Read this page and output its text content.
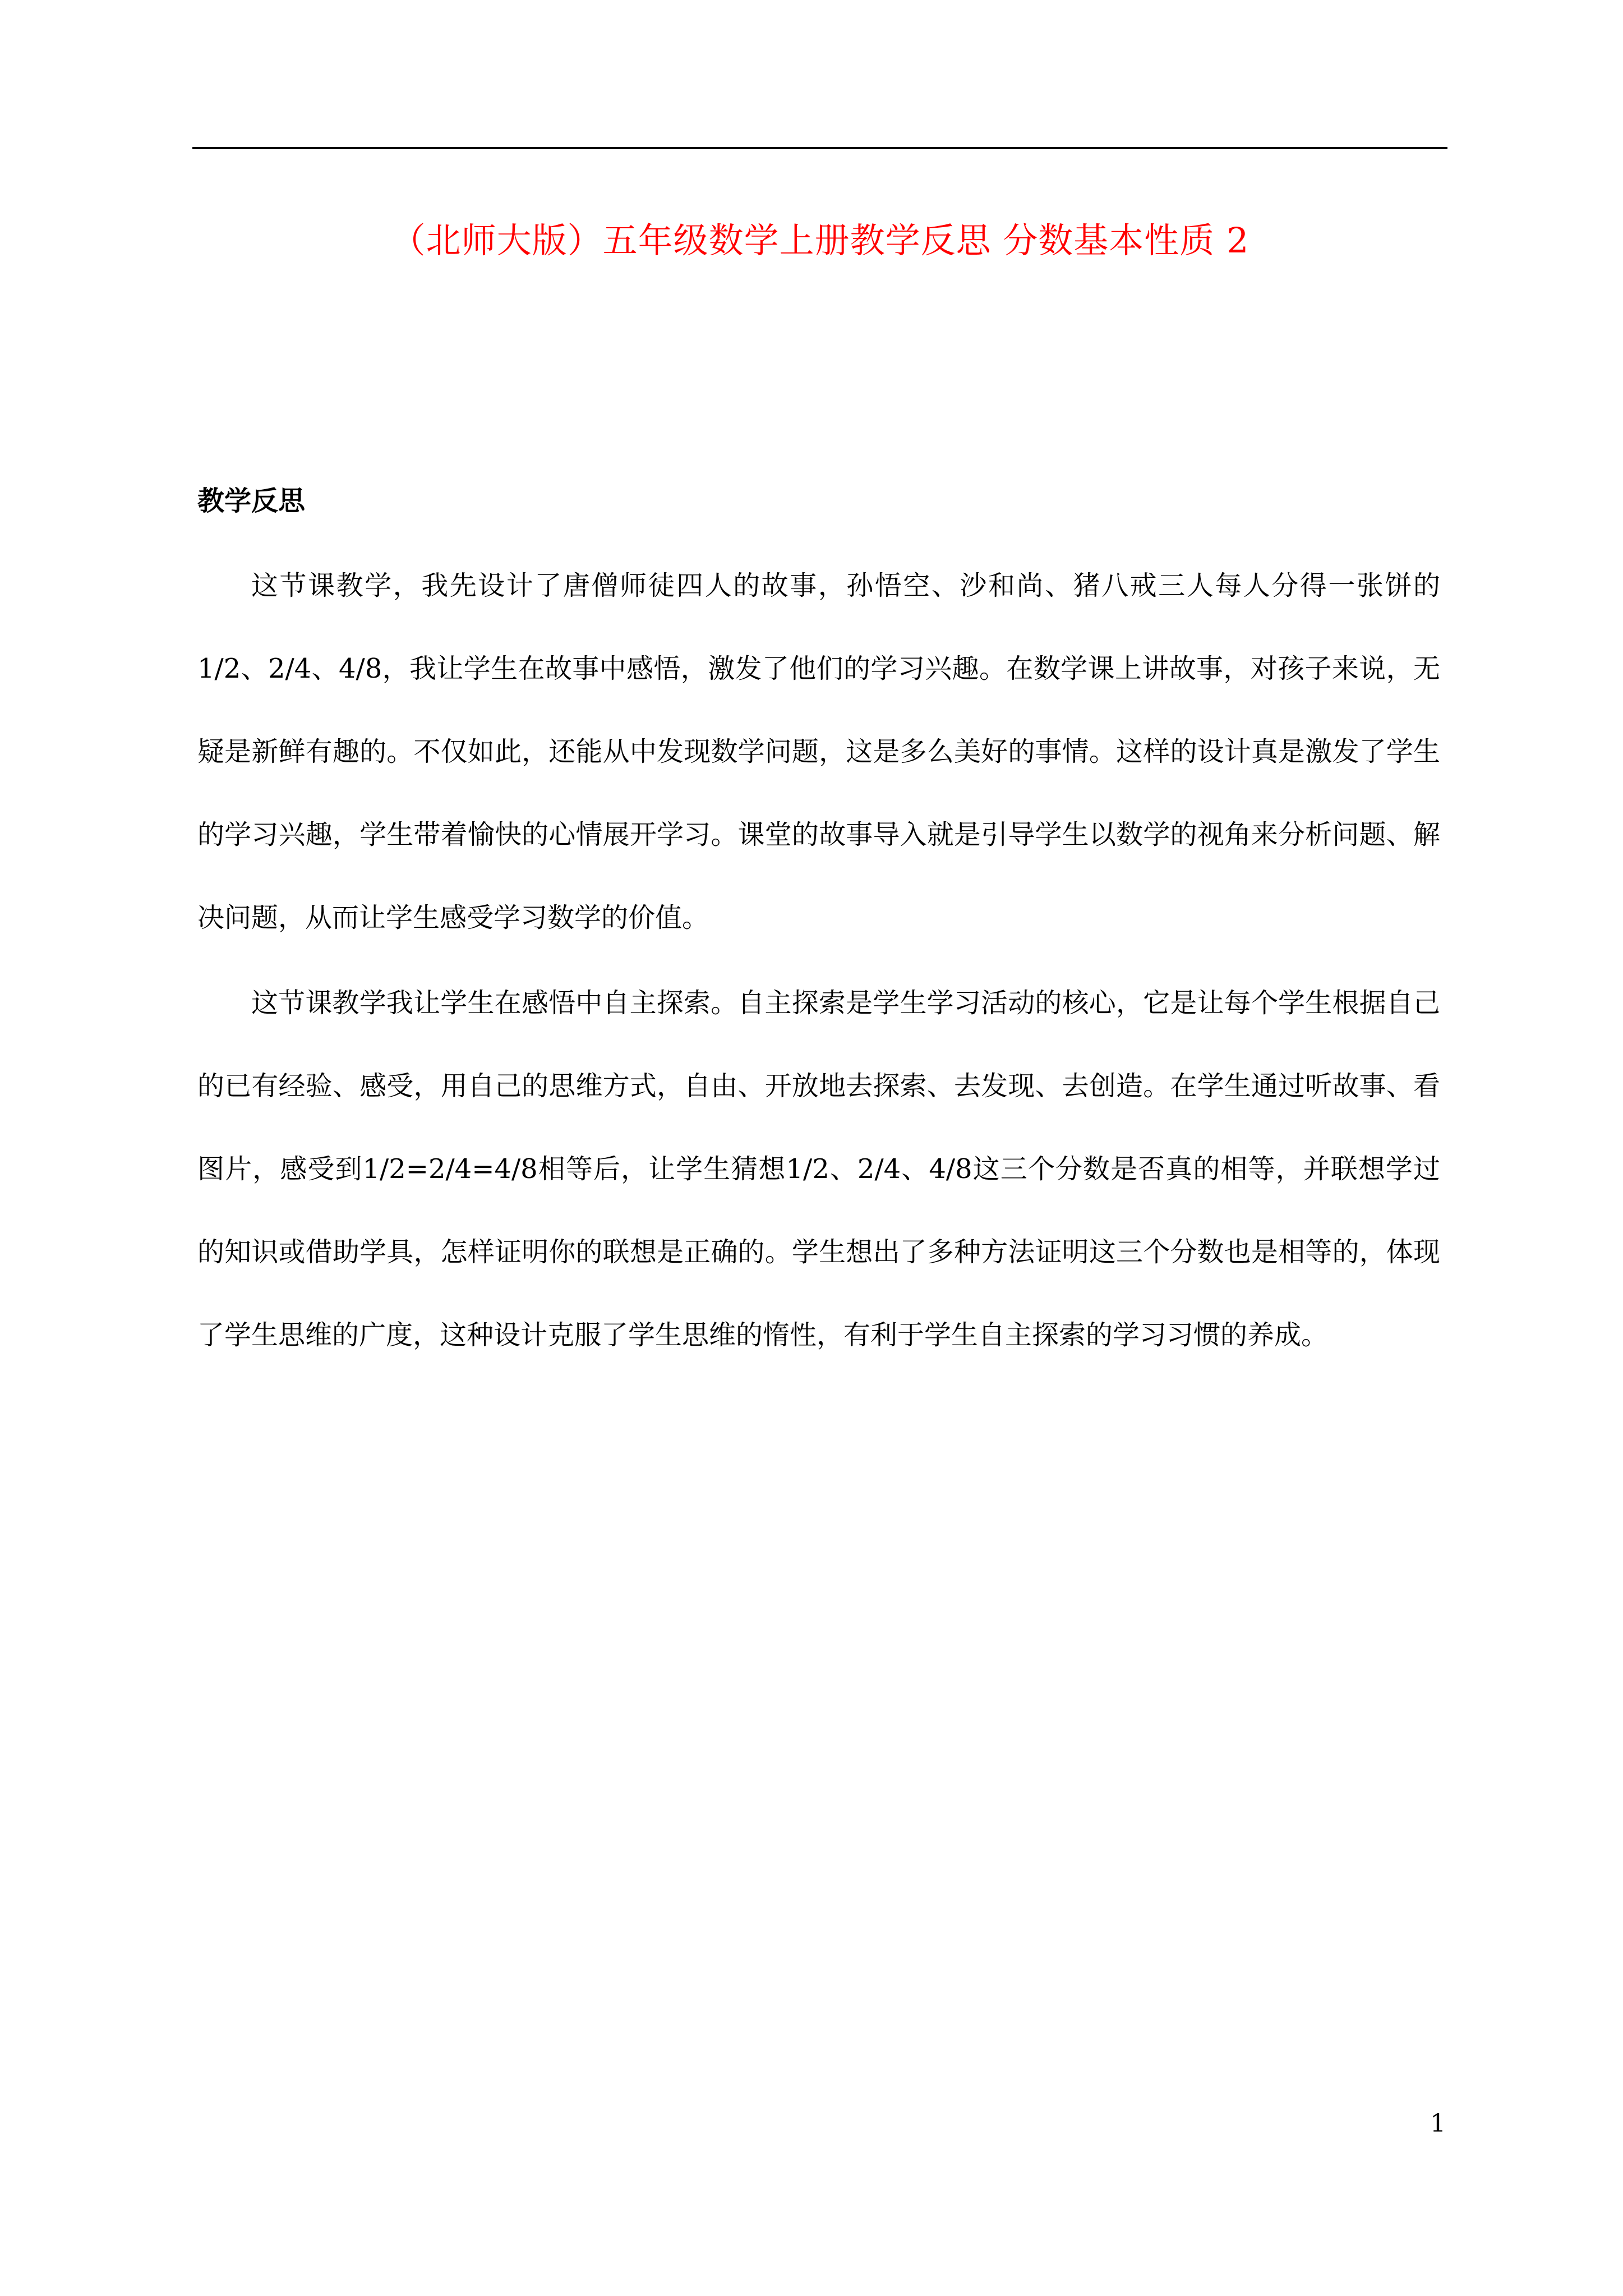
（北师大版）五年级数学上册教学反思 分数基本性质 2
教学反思

这节课教学，我先设计了唐僧师徒四人的故事，孙悟空、沙和尚、猪八戒三人每人分得一张饼的1/2、2/4、4/8，我让学生在故事中感悟，激发了他们的学习兴趣。在数学课上讲故事，对孩子来说，无疑是新鲜有趣的。不仅如此，还能从中发现数学问题，这是多么美好的事情。这样的设计真是激发了学生的学习兴趣，学生带着愉快的心情展开学习。课堂的故事导入就是引导学生以数学的视角来分析问题、解决问题，从而让学生感受学习数学的价值。

这节课教学我让学生在感悟中自主探索。自主探索是学生学习活动的核心，它是让每个学生根据自己的已有经验、感受，用自己的思维方式，自由、开放地去探索、去发现、去创造。在学生通过听故事、看图片，感受到1/2=2/4=4/8相等后，让学生猜想1/2、2/4、4/8这三个分数是否真的相等，并联想学过的知识或借助学具，怎样证明你的联想是正确的。学生想出了多种方法证明这三个分数也是相等的，体现了学生思维的广度，这种设计克服了学生思维的惰性，有利于学生自主探索的学习习惯的养成。

1
